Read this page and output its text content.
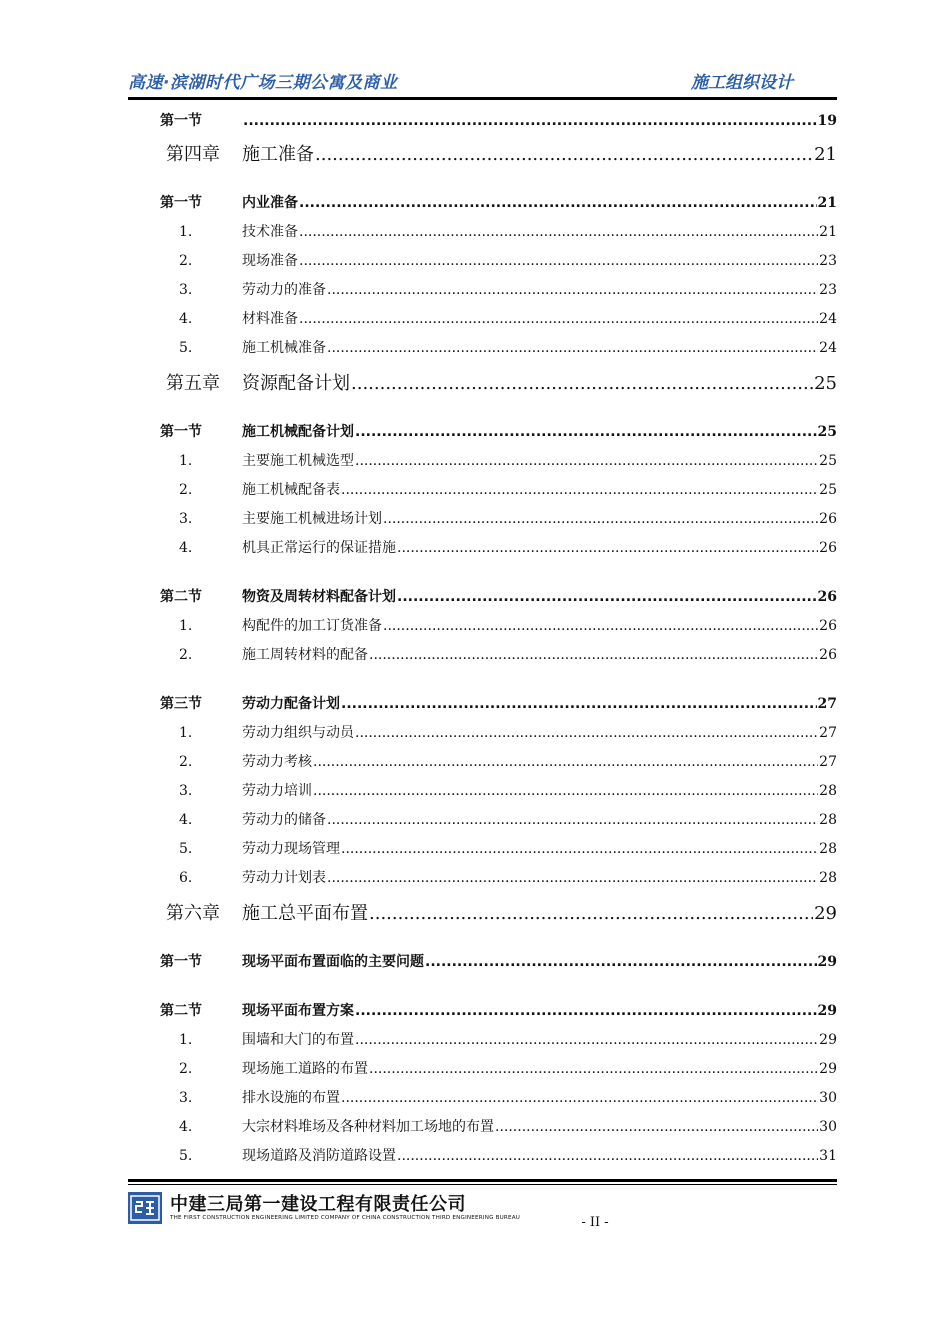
高速·滨湖时代广场三期公寓及商业	施工组织设计
第一节 .....	19
第四章	施工准备 .....	21
第一节	内业准备 .....	21
1.	技术准备 .....	21
2.	现场准备 .....	23
3.	劳动力的准备 .....	23
4.	材料准备 .....	24
5.	施工机械准备 .....	24
第五章	资源配备计划 .....	25
第一节	施工机械配备计划 .....	25
1.	主要施工机械选型 .....	25
2.	施工机械配备表 .....	25
3.	主要施工机械进场计划 .....	26
4.	机具正常运行的保证措施 .....	26
第二节	物资及周转材料配备计划 .....	26
1.	构配件的加工订货准备 .....	26
2.	施工周转材料的配备 .....	26
第三节	劳动力配备计划 .....	27
1.	劳动力组织与动员 .....	27
2.	劳动力考核 .....	27
3.	劳动力培训 .....	28
4.	劳动力的储备 .....	28
5.	劳动力现场管理 .....	28
6.	劳动力计划表 .....	28
第六章	施工总平面布置 .....	29
第一节	现场平面布置面临的主要问题 .....	29
第二节	现场平面布置方案 .....	29
1.	围墙和大门的布置 .....	29
2.	现场施工道路的布置 .....	29
3.	排水设施的布置 .....	30
4.	大宗材料堆场及各种材料加工场地的布置 .....	30
5.	现场道路及消防道路设置 .....	31
中建三局第一建设工程有限责任公司
THE FIRST CONSTRUCTION ENGINEERING LIMITED COMPANY OF CHINA CONSTRUCTION THIRD ENGINEERING BUREAU	- II -
